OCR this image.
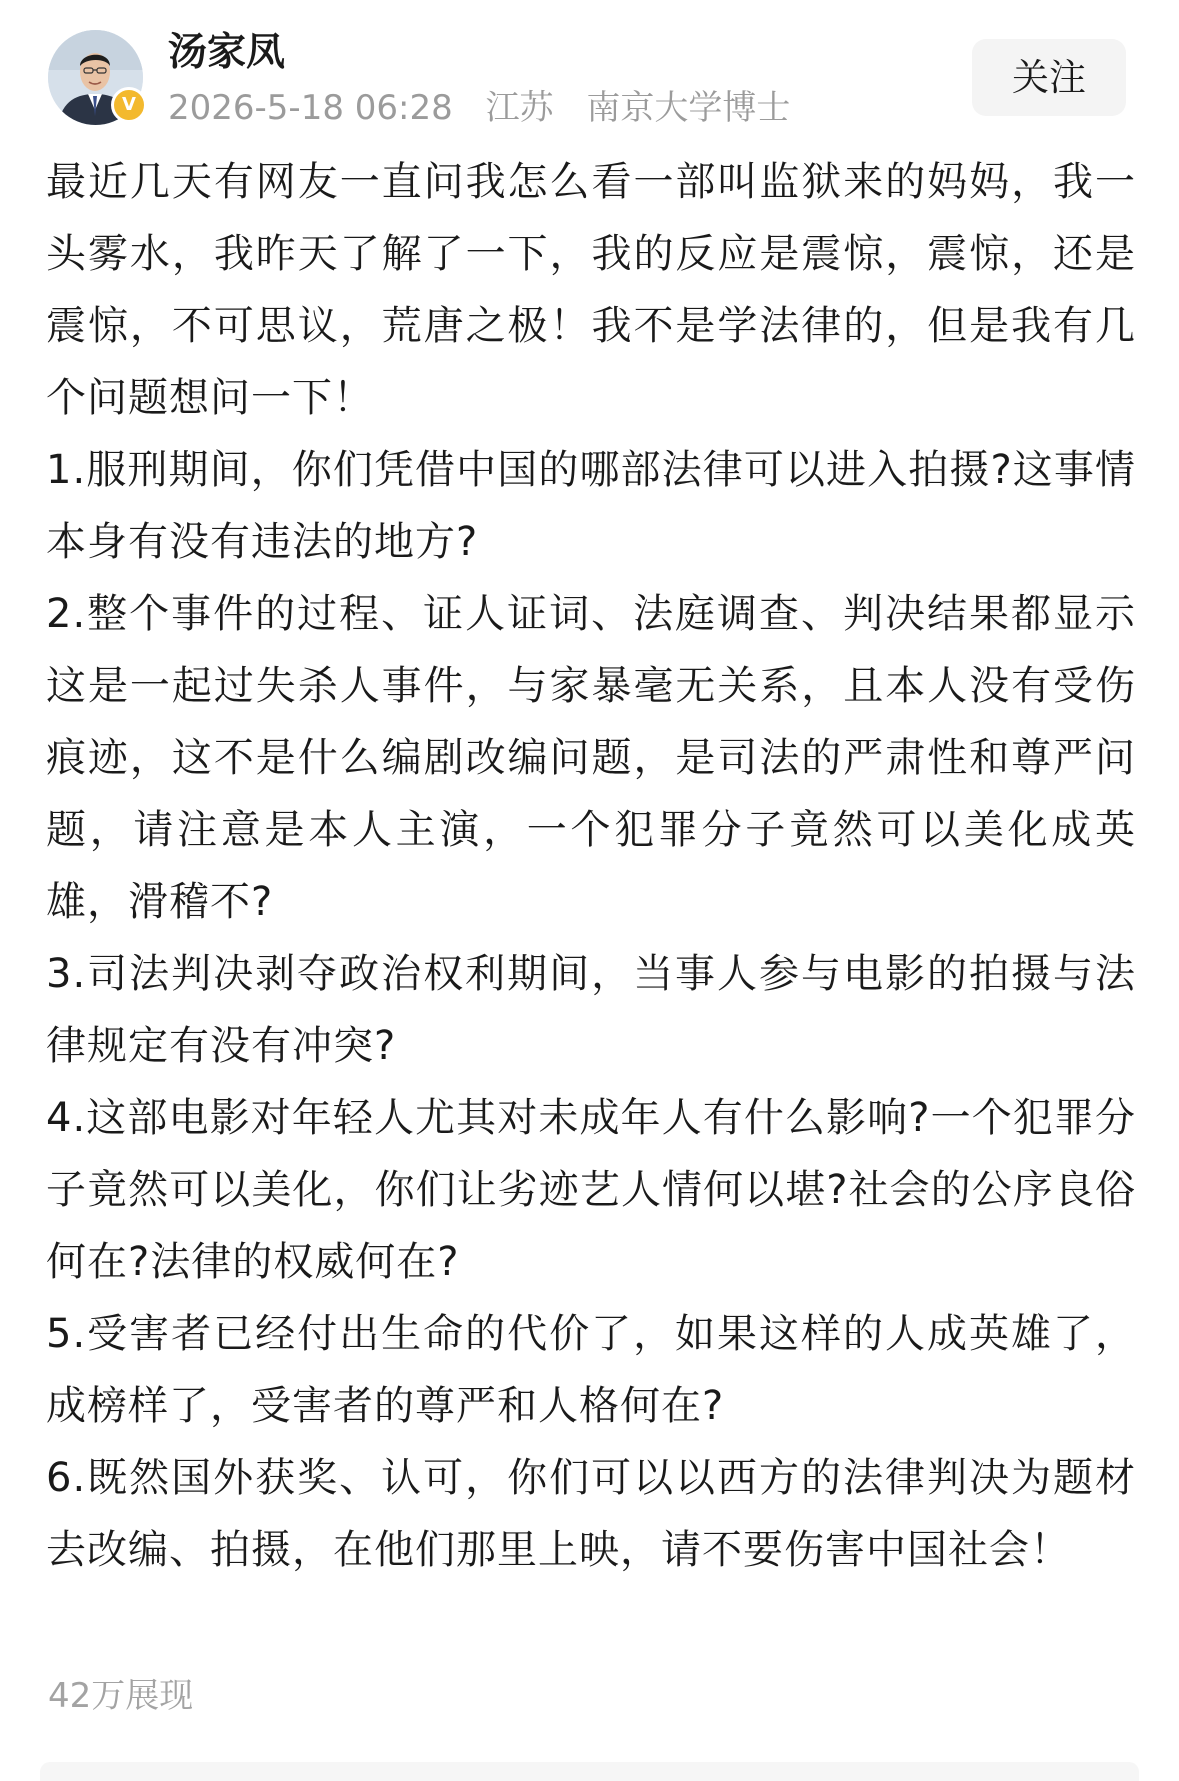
V
汤家凤
2026-5-18 06:28 江苏 南京大学博士
关注

最近几天有网友一直问我怎么看一部叫监狱来的妈妈，我一头雾水，我昨天了解了一下，我的反应是震惊，震惊，还是震惊，不可思议，荒唐之极！我不是学法律的，但是我有几个问题想问一下！

1.服刑期间，你们凭借中国的哪部法律可以进入拍摄?这事情本身有没有违法的地方?

2.整个事件的过程、证人证词、法庭调查、判决结果都显示这是一起过失杀人事件，与家暴毫无关系，且本人没有受伤痕迹，这不是什么编剧改编问题，是司法的严肃性和尊严问题，请注意是本人主演，一个犯罪分子竟然可以美化成英雄，滑稽不?

3.司法判决剥夺政治权利期间，当事人参与电影的拍摄与法律规定有没有冲突?

4.这部电影对年轻人尤其对未成年人有什么影响?一个犯罪分子竟然可以美化，你们让劣迹艺人情何以堪?社会的公序良俗何在?法律的权威何在?

5.受害者已经付出生命的代价了，如果这样的人成英雄了，成榜样了，受害者的尊严和人格何在?

6.既然国外获奖、认可，你们可以以西方的法律判决为题材去改编、拍摄，在他们那里上映，请不要伤害中国社会！

42万展现
